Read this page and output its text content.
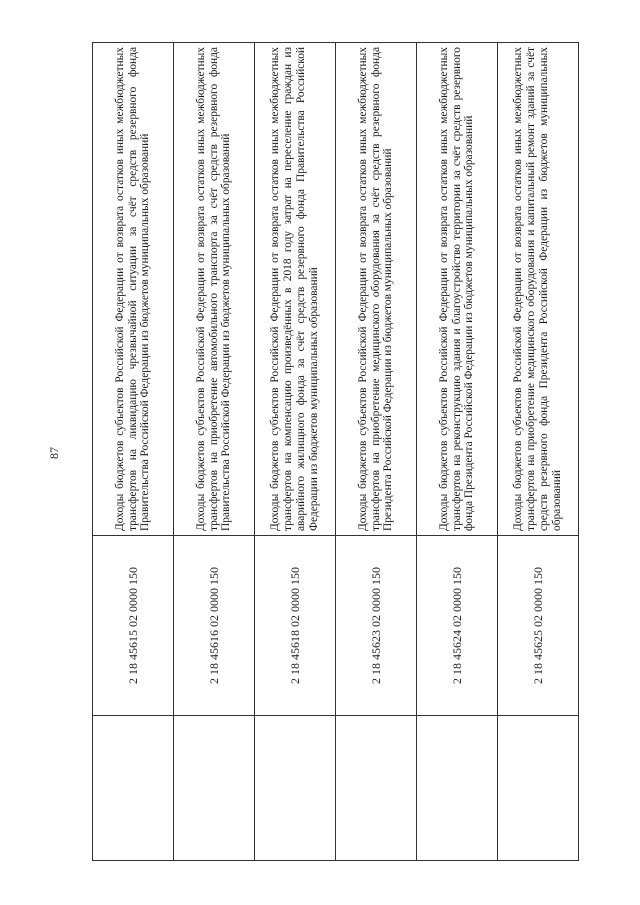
87
	2 18 45615 02 0000 150	Доходы бюджетов субъектов Российской Федерации от возврата остатков иных межбюджетных трансфертов на ликвидацию чрезвычайной ситуации за счёт средств резервного фонда Правительства Российской Федерации из бюджетов муниципальных образований
	2 18 45616 02 0000 150	Доходы бюджетов субъектов Российской Федерации от возврата остатков иных межбюджетных трансфертов на приобретение автомобильного транспорта за счёт средств резервного фонда Правительства Российской Федерации из бюджетов муниципальных образований
	2 18 45618 02 0000 150	Доходы бюджетов субъектов Российской Федерации от возврата остатков иных межбюджетных трансфертов на компенсацию произведённых в 2018 году затрат на переселение граждан из аварийного жилищного фонда за счёт средств резервного фонда Правительства Российской Федерации из бюджетов муниципальных образований
	2 18 45623 02 0000 150	Доходы бюджетов субъектов Российской Федерации от возврата остатков иных межбюджетных трансфертов на приобретение медицинского оборудования за счёт средств резервного фонда Президента Российской Федерации из бюджетов муниципальных образований
	2 18 45624 02 0000 150	Доходы бюджетов субъектов Российской Федерации от возврата остатков иных межбюджетных трансфертов на реконструкцию здания и благоустройство территории за счёт средств резервного фонда Президента Российской Федерации из бюджетов муниципальных образований
	2 18 45625 02 0000 150	Доходы бюджетов субъектов Российской Федерации от возврата остатков иных межбюджетных трансфертов на приобретение медицинского оборудования и капитальный ремонт зданий за счёт средств резервного фонда Президента Российской Федерации из бюджетов муниципальных образований
